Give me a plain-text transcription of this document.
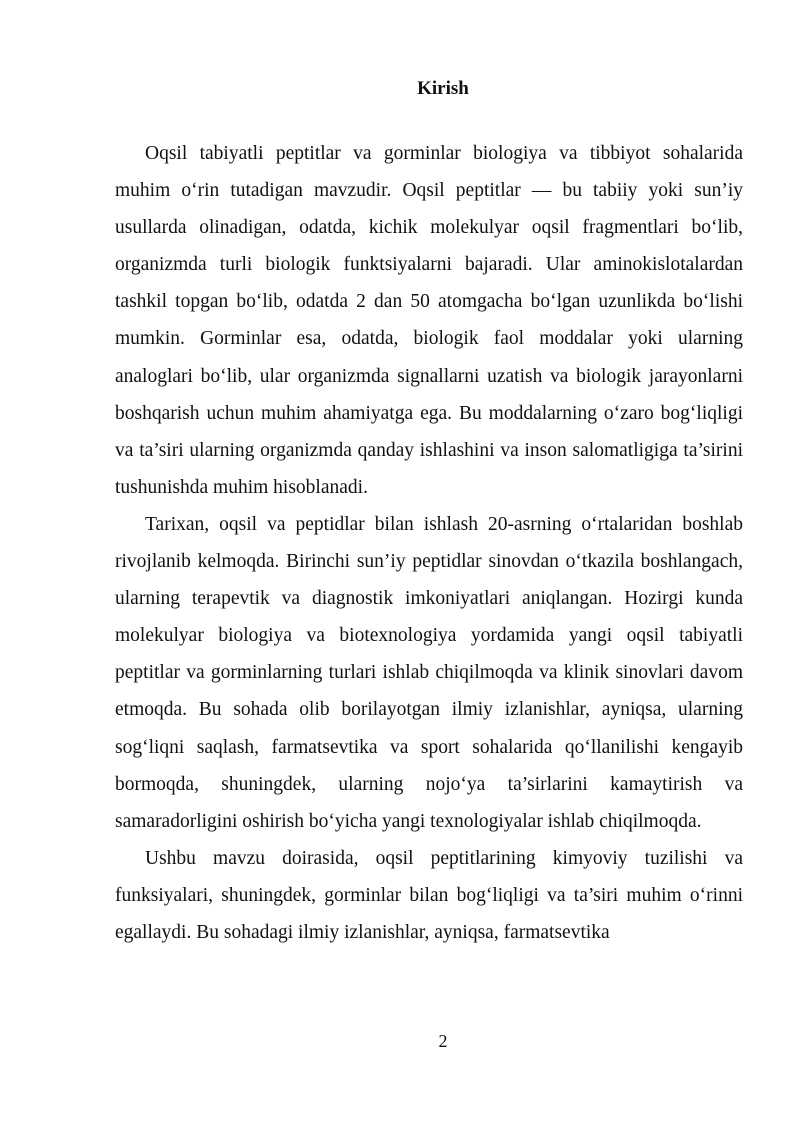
Kirish

Oqsil tabiyatli peptitlar va gorminlar biologiya va tibbiyot sohalarida muhim o‘rin tutadigan mavzudir. Oqsil peptitlar — bu tabiiy yoki sun’iy usullarda olinadigan, odatda, kichik molekulyar oqsil fragmentlari bo‘lib, organizmda turli biologik funktsiyalarni bajaradi. Ular aminokislotalardan tashkil topgan bo‘lib, odatda 2 dan 50 atomgacha bo‘lgan uzunlikda bo‘lishi mumkin. Gorminlar esa, odatda, biologik faol moddalar yoki ularning analoglari bo‘lib, ular organizmda signallarni uzatish va biologik jarayonlarni boshqarish uchun muhim ahamiyatga ega. Bu moddalarning o‘zaro bog‘liqligi va ta’siri ularning organizmda qanday ishlashini va inson salomatligiga ta’sirini tushunishda muhim hisoblanadi.

Tarixan, oqsil va peptidlar bilan ishlash 20-asrning o‘rtalaridan boshlab rivojlanib kelmoqda. Birinchi sun’iy peptidlar sinovdan o‘tkazila boshlangach, ularning terapevtik va diagnostik imkoniyatlari aniqlangan. Hozirgi kunda molekulyar biologiya va biotexnologiya yordamida yangi oqsil tabiyatli peptitlar va gorminlarning turlari ishlab chiqilmoqda va klinik sinovlari davom etmoqda. Bu sohada olib borilayotgan ilmiy izlanishlar, ayniqsa, ularning sog‘liqni saqlash, farmatsevtika va sport sohalarida qo‘llanilishi kengayib bormoqda, shuningdek, ularning nojo‘ya ta’sirlarini kamaytirish va samaradorligini oshirish bo‘yicha yangi texnologiyalar ishlab chiqilmoqda.

Ushbu mavzu doirasida, oqsil peptitlarining kimyoviy tuzilishi va funksiyalari, shuningdek, gorminlar bilan bog‘liqligi va ta’siri muhim o‘rinni egallaydi. Bu sohadagi ilmiy izlanishlar, ayniqsa, farmatsevtika

2
